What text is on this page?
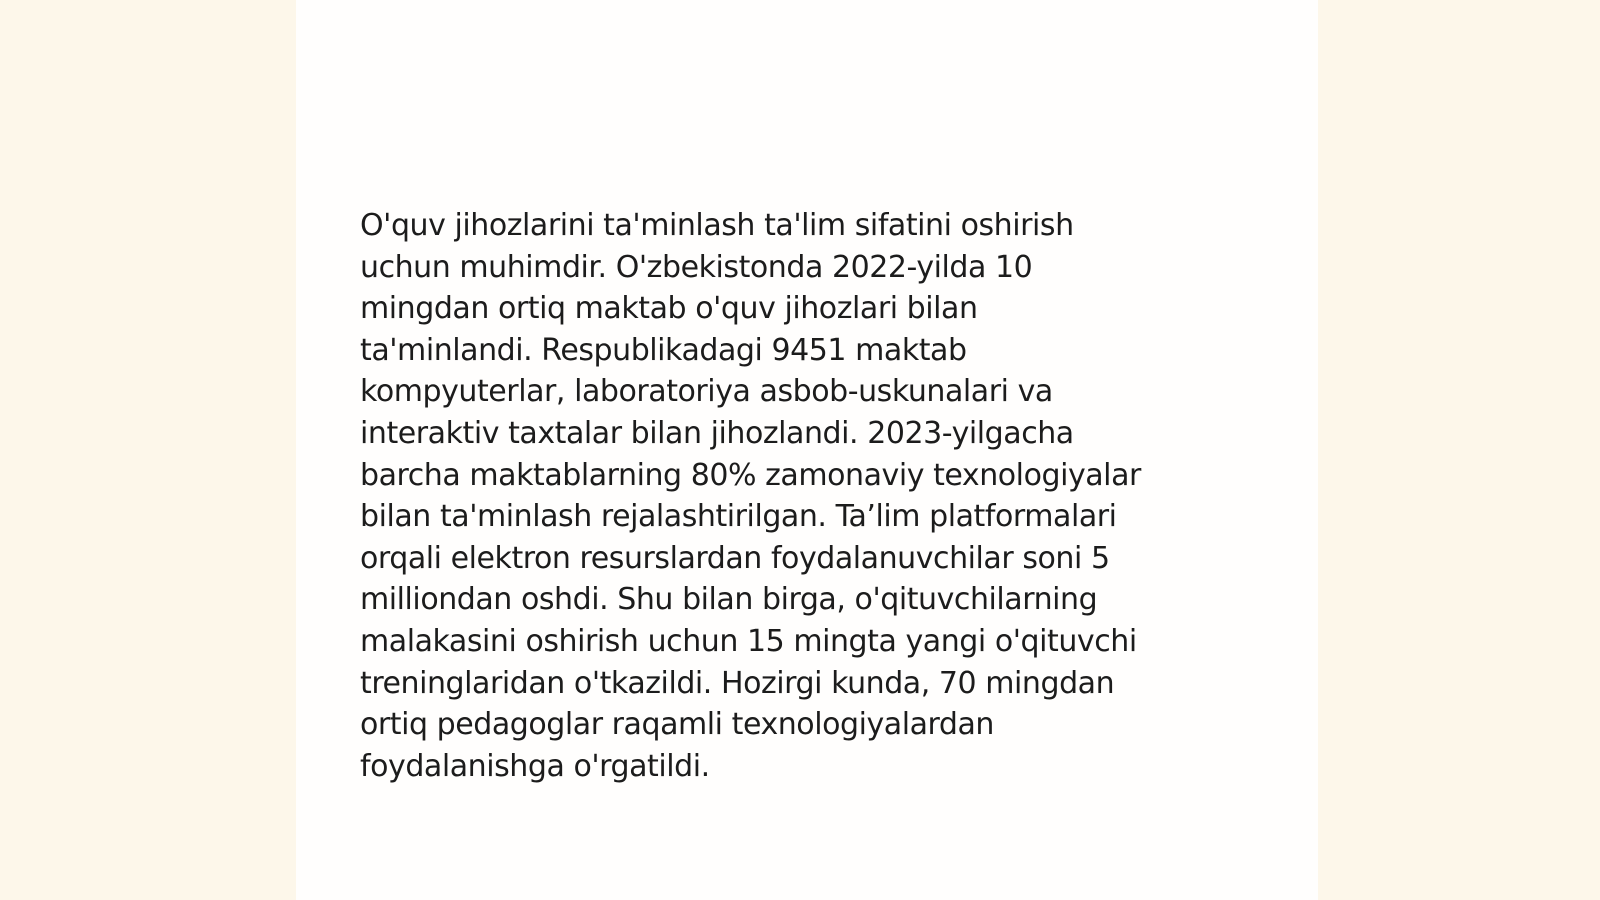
O'quv jihozlarini ta'minlash ta'lim sifatini oshirish
uchun muhimdir. O'zbekistonda 2022-yilda 10
mingdan ortiq maktab o'quv jihozlari bilan
ta'minlandi. Respublikadagi 9451 maktab
kompyuterlar, laboratoriya asbob-uskunalari va
interaktiv taxtalar bilan jihozlandi. 2023-yilgacha
barcha maktablarning 80% zamonaviy texnologiyalar
bilan ta'minlash rejalashtirilgan. Ta’lim platformalari
orqali elektron resurslardan foydalanuvchilar soni 5
milliondan oshdi. Shu bilan birga, o'qituvchilarning
malakasini oshirish uchun 15 mingta yangi o'qituvchi
treninglaridan o'tkazildi. Hozirgi kunda, 70 mingdan
ortiq pedagoglar raqamli texnologiyalardan
foydalanishga o'rgatildi.
